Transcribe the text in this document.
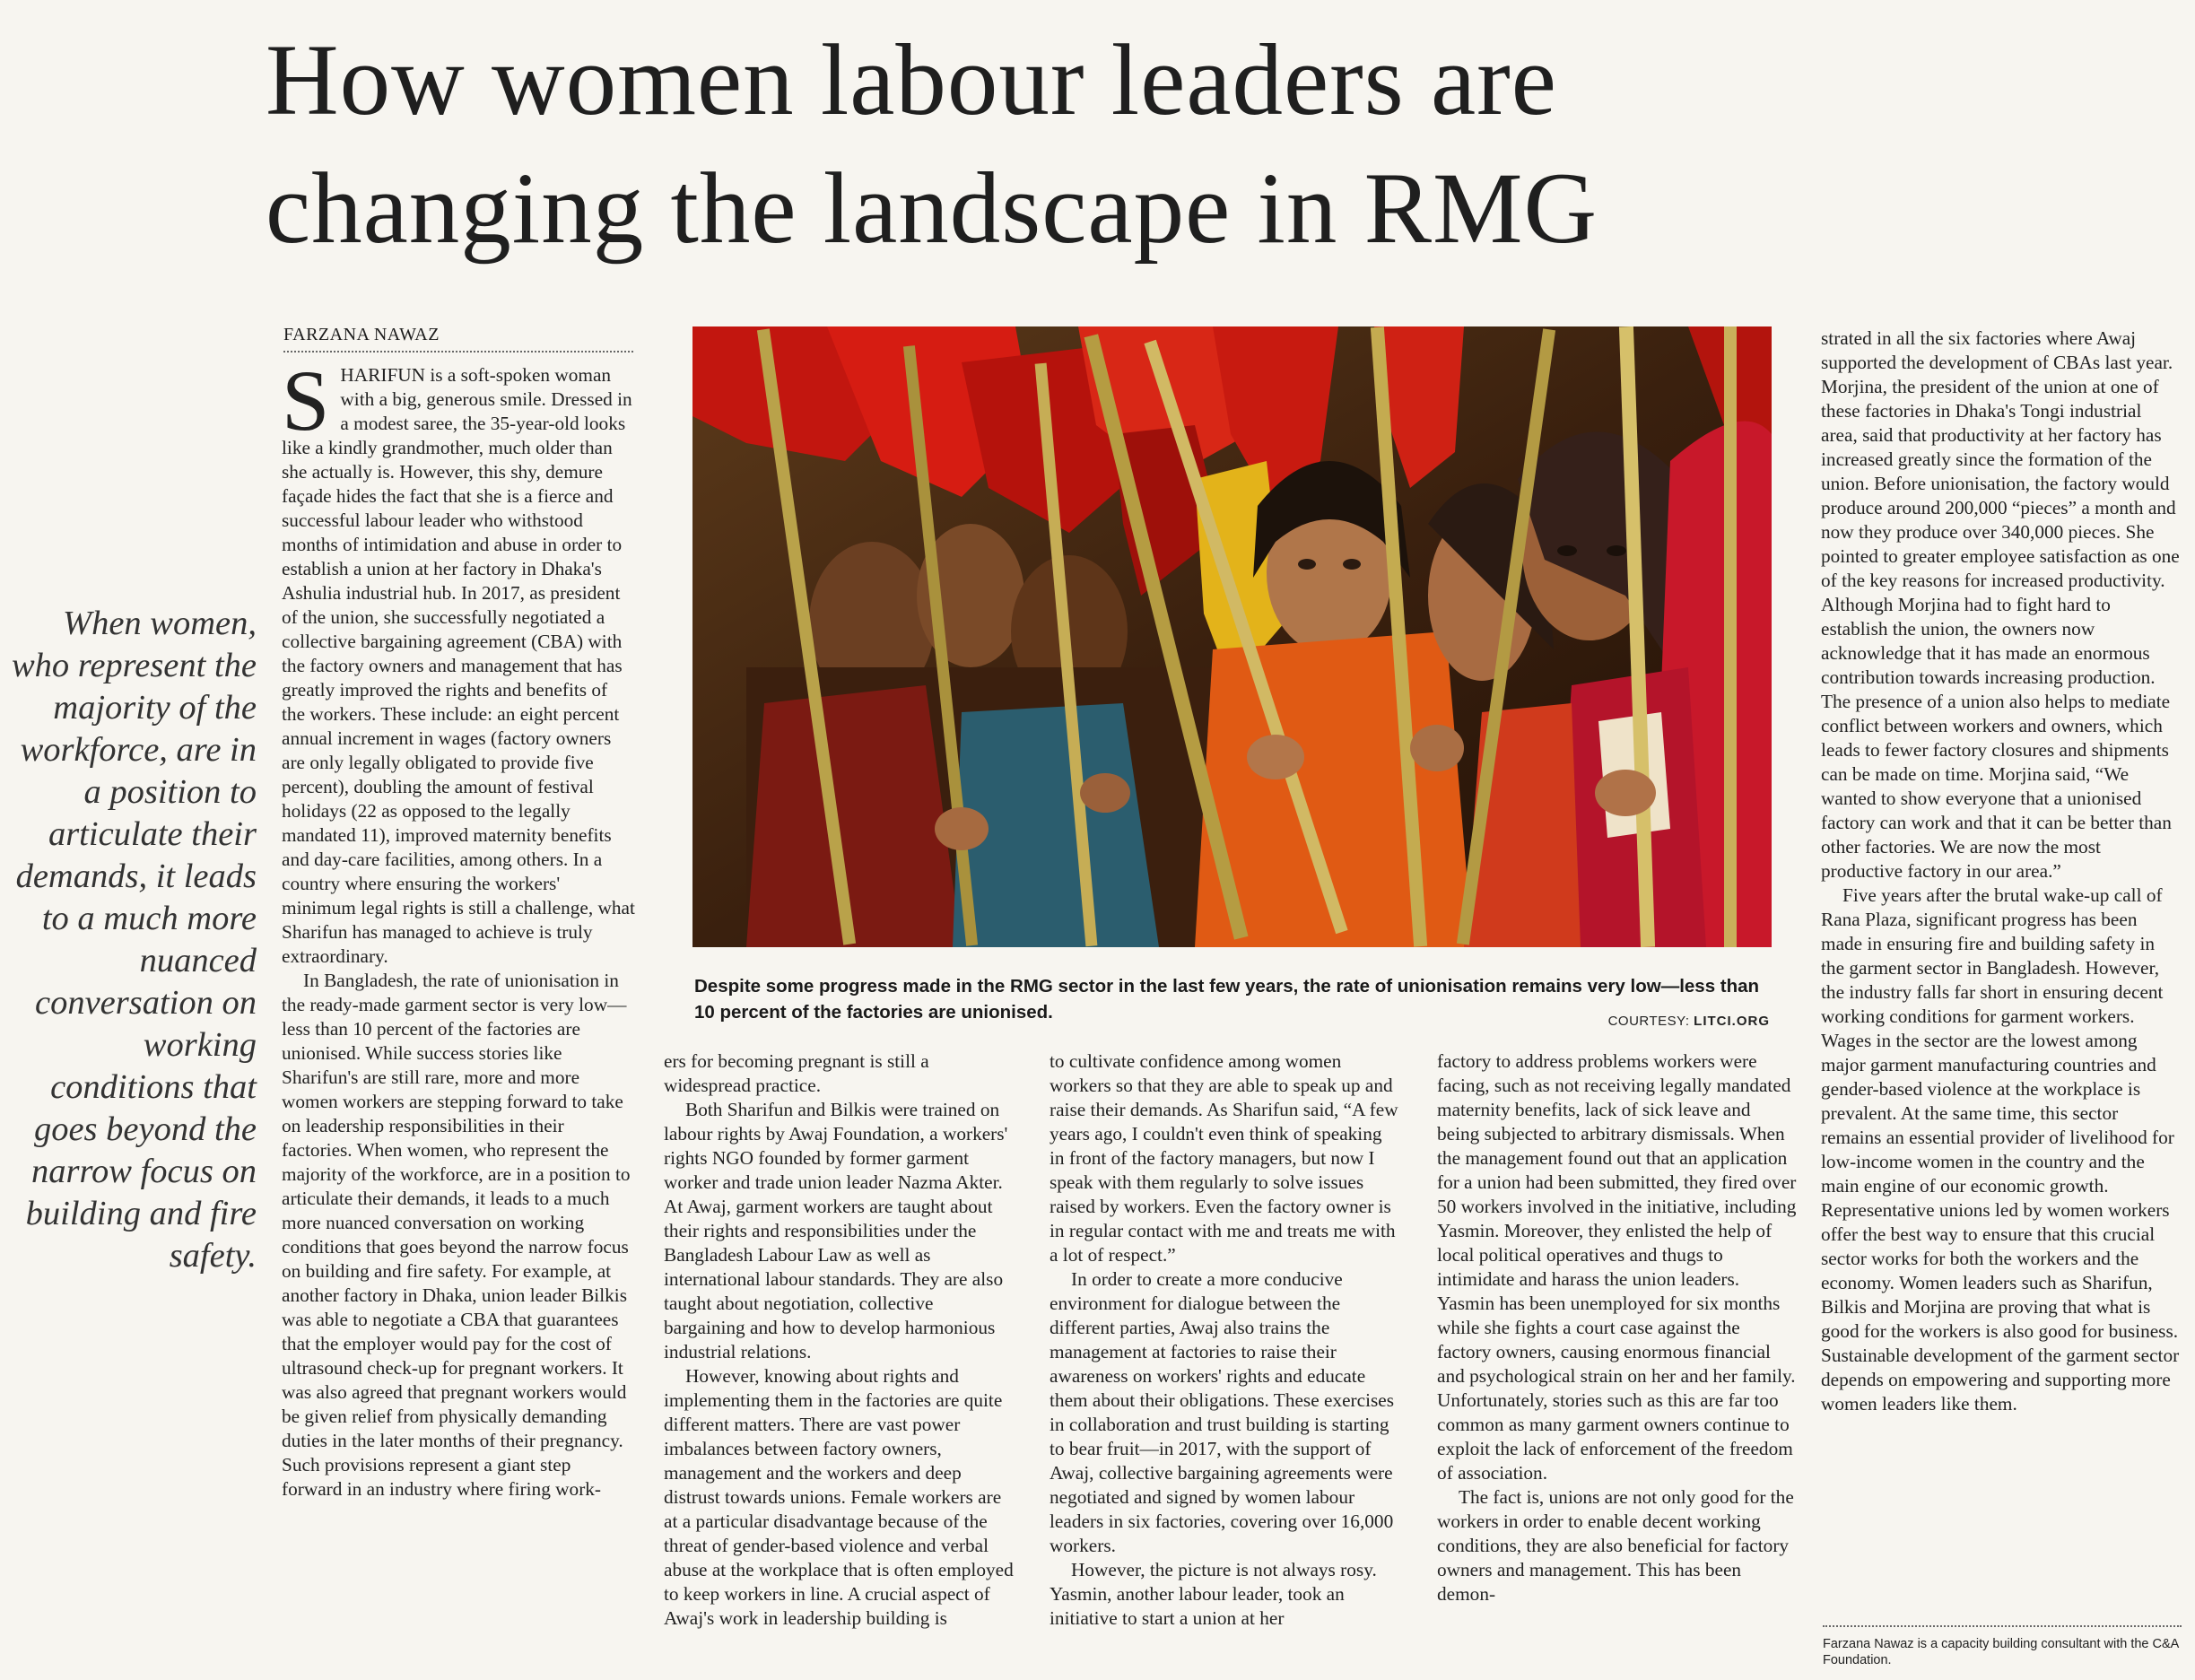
How women labour leaders are
changing the landscape in RMG
FARZANA NAWAZ

SHARIFUN is a soft-spoken woman with a big, generous smile. Dressed in a modest saree, the 35-year-old looks like a kindly grandmother, much older than she actually is. However, this shy, demure façade hides the fact that she is a fierce and successful labour leader who withstood months of intimidation and abuse in order to establish a union at her factory in Dhaka's Ashulia industrial hub. In 2017, as president of the union, she successfully negotiated a collective bargaining agreement (CBA) with the factory owners and management that has greatly improved the rights and benefits of the workers. These include: an eight percent annual increment in wages (factory owners are only legally obligated to provide five percent), doubling the amount of festival holidays (22 as opposed to the legally mandated 11), improved maternity benefits and day-care facilities, among others. In a country where ensuring the workers' minimum legal rights is still a challenge, what Sharifun has managed to achieve is truly extraordinary.

In Bangladesh, the rate of unionisation in the ready-made garment sector is very low—less than 10 percent of the factories are unionised. While success stories like Sharifun's are still rare, more and more women workers are stepping forward to take on leadership responsibilities in their factories. When women, who represent the majority of the workforce, are in a position to articulate their demands, it leads to a much more nuanced conversation on working conditions that goes beyond the narrow focus on building and fire safety. For example, at another factory in Dhaka, union leader Bilkis was able to negotiate a CBA that guarantees that the employer would pay for the cost of ultrasound check-up for pregnant workers. It was also agreed that pregnant workers would be given relief from physically demanding duties in the later months of their pregnancy. Such provisions represent a giant step forward in an industry where firing work-

When women, who represent the majority of the workforce, are in a position to articulate their demands, it leads to a much more nuanced conversation on working conditions that goes beyond the narrow focus on building and fire safety.
Despite some progress made in the RMG sector in the last few years, the rate of unionisation remains very low—less than 10 percent of the factories are unionised.	COURTESY: LITCI.ORG

ers for becoming pregnant is still a widespread practice.

Both Sharifun and Bilkis were trained on labour rights by Awaj Foundation, a workers' rights NGO founded by former garment worker and trade union leader Nazma Akter. At Awaj, garment workers are taught about their rights and responsibilities under the Bangladesh Labour Law as well as international labour standards. They are also taught about negotiation, collective bargaining and how to develop harmonious industrial relations.

However, knowing about rights and implementing them in the factories are quite different matters. There are vast power imbalances between factory owners, management and the workers and deep distrust towards unions. Female workers are at a particular disadvantage because of the threat of gender-based violence and verbal abuse at the workplace that is often employed to keep workers in line. A crucial aspect of Awaj's work in leadership building is

to cultivate confidence among women workers so that they are able to speak up and raise their demands. As Sharifun said, “A few years ago, I couldn't even think of speaking in front of the factory managers, but now I speak with them regularly to solve issues raised by workers. Even the factory owner is in regular contact with me and treats me with a lot of respect.”

In order to create a more conducive environment for dialogue between the different parties, Awaj also trains the management at factories to raise their awareness on workers' rights and educate them about their obligations. These exercises in collaboration and trust building is starting to bear fruit—in 2017, with the support of Awaj, collective bargaining agreements were negotiated and signed by women labour leaders in six factories, covering over 16,000 workers.

However, the picture is not always rosy. Yasmin, another labour leader, took an initiative to start a union at her

factory to address problems workers were facing, such as not receiving legally mandated maternity benefits, lack of sick leave and being subjected to arbitrary dismissals. When the management found out that an application for a union had been submitted, they fired over 50 workers involved in the initiative, including Yasmin. Moreover, they enlisted the help of local political operatives and thugs to intimidate and harass the union leaders. Yasmin has been unemployed for six months while she fights a court case against the factory owners, causing enormous financial and psychological strain on her and her family. Unfortunately, stories such as this are far too common as many garment owners continue to exploit the lack of enforcement of the freedom of association.

The fact is, unions are not only good for the workers in order to enable decent working conditions, they are also beneficial for factory owners and management. This has been demon-

strated in all the six factories where Awaj supported the development of CBAs last year. Morjina, the president of the union at one of these factories in Dhaka's Tongi industrial area, said that productivity at her factory has increased greatly since the formation of the union. Before unionisation, the factory would produce around 200,000 “pieces” a month and now they produce over 340,000 pieces. She pointed to greater employee satisfaction as one of the key reasons for increased productivity. Although Morjina had to fight hard to establish the union, the owners now acknowledge that it has made an enormous contribution towards increasing production. The presence of a union also helps to mediate conflict between workers and owners, which leads to fewer factory closures and shipments can be made on time. Morjina said, “We wanted to show everyone that a unionised factory can work and that it can be better than other factories. We are now the most productive factory in our area.”

Five years after the brutal wake-up call of Rana Plaza, significant progress has been made in ensuring fire and building safety in the garment sector in Bangladesh. However, the industry falls far short in ensuring decent working conditions for garment workers. Wages in the sector are the lowest among major garment manufacturing countries and gender-based violence at the workplace is prevalent. At the same time, this sector remains an essential provider of livelihood for low-income women in the country and the main engine of our economic growth. Representative unions led by women workers offer the best way to ensure that this crucial sector works for both the workers and the economy. Women leaders such as Sharifun, Bilkis and Morjina are proving that what is good for the workers is also good for business. Sustainable development of the garment sector depends on empowering and supporting more women leaders like them.

Farzana Nawaz is a capacity building consultant with the C&A Foundation.
